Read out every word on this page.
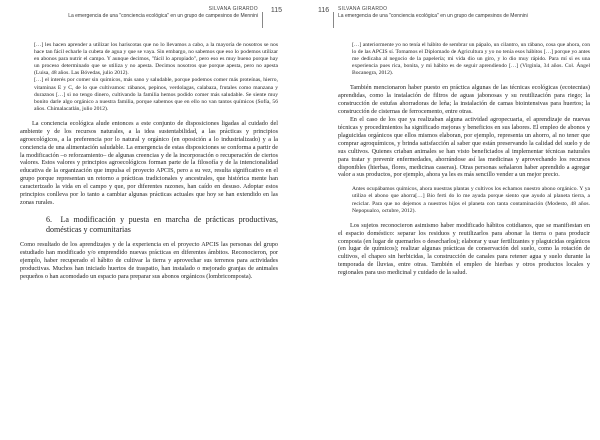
SILVANA GIRARDO
La emergencia de una "conciencia ecológica" en un grupo de campesinos de Mennini
115

[…] les hacen aprender a utilizar los hariscotas que no lo llevamos a cabo, a la mayoría de nosotros se nos hace tan fácil echarle la cubeta de agua y que se vaya. Sin embargo, no sabemos que eso lo podemos utilizar en abonos para nutrir el campo. Y aunque decimos, "fácil lo apropiado", pero eso es muy bueno porque hay un proceso determinado que se utiliza y no apesta. Decimos nosotros que porque apesta, pero no apesta (Luisa, 48 años. Las Bóvedas, julio 2012).

[…] el interés por comer sin químicos, más sano y saludable, porque podemos comer más proteínas, hierro, vitaminas E y C, de lo que cultivamos: rábanos, pepinos, verdolagas, calabaza, frutales como manzana y duraznos […] si no tengo dinero, cultivando la familia hemos podido comer más saludable. Se siente muy bonito darle algo orgánico a nuestra familia, porque sabemos que en ello no van tantos químicos (Sofía, 56 años. Chimalacatlán, julio 2012).

La conciencia ecológica alude entonces a este conjunto de disposiciones ligadas al cuidado del ambiente y de los recursos naturales, a la idea sustentabilidad, a las prácticas y principios agroecológicos, a la preferencia por lo natural y orgánico (en oposición a lo industrializado) y a la conciencia de una alimentación saludable. La emergencia de estas disposiciones se conforma a partir de la modificación –o reforzamiento– de algunas creencias y de la incorporación o recuperación de ciertos valores. Estos valores y principios agroecológicos forman parte de la filosofía y de la intencionalidad educativa de la organización que impulsa el proyecto APCIS, pero a su vez, resulta significativo en el grupo porque representan un retorno a prácticas tradicionales y ancestrales, que histórica mente han caracterizado la vida en el campo y que, por diferentes razones, han caído en desuso. Adoptar estos principios conlleva por lo tanto a cambiar algunas prácticas actuales que hoy se han extendido en las zonas rurales.

6. La modificación y puesta en marcha de prácticas productivas, domésticas y comunitarias

Como resultado de los aprendizajes y de la experiencia en el proyecto APCIS las personas del grupo estudiado han modificado y/o emprendido nuevas prácticas en diferentes ámbitos. Reconocieron, por ejemplo, haber recuperado el hábito de cultivar la tierra y aprovechar sus terrenos para actividades productivas. Muchos han iniciado huertos de traspatio, han instalado o mejorado granjas de animales pequeños o han acomodado un espacio para preparar sus abonos orgánicos (lombricomposta).

116 SILVANA GIRARDO
La emergencia de una "conciencia ecológica" en un grupo de campesinos de Mennini

[…] anteriormente yo no tenía el hábito de sembrar un pápalo, un cilantro, un rábano, cosa que ahora, con lo de las APCIS sí. Tomamos el Diplomado de Agricultura y yo no tenía esos hábitos […] porque yo antes me dedicaba al negocio de la papelería; mi vida dio un giro, y lo dio muy rápido. Para mí si es una experiencia pues rica, bonita, y mi hábito es de seguir aprendiendo […] (Virginia, 34 años. Col. Ángel Bocanegra, 2012).

También mencionaron haber puesto en práctica algunas de las técnicas ecológicas (ecotecnias) aprendidas, como la instalación de filtros de aguas jabonosas y su reutilización para riego; la construcción de estufas ahorradoras de leña; la instalación de camas biointensivas para huertos; la construcción de cisternas de ferrocemento, entre otras.

En el caso de los que ya realizaban alguna actividad agropecuaria, el aprendizaje de nuevas técnicas y procedimientos ha significado mejoras y beneficios en sus labores. El empleo de abonos y plaguicidas orgánicos que ellos mismos elaboran, por ejemplo, representa un ahorro, al no tener que comprar agroquímicos, y brinda satisfacción al saber que están preservando la calidad del suelo y de sus cultivos. Quienes criaban animales se han visto beneficiados al implementar técnicas naturales para tratar y prevenir enfermedades, ahorrándose así las medicinas y aprovechando los recursos disponibles (hierbas, flores, medicinas caseras). Otras personas señalaron haber aprendido a agregar valor a sus productos, por ejemplo, ahora ya les es más sencillo vender a un mejor precio.

Antes ocupábamos químicos, ahora nuestras plantas y cultivos los echamos nuestro abono orgánico. Y ya utilizo el abono que ahorra[…] Bio ferti do lo me ayuda porque siento que ayudo al planeta tierra, a reciclar. Para que no dejemos a nuestros hijos el planeta con tanta contaminación (Modesto, 48 años. Nepopualco, octubre, 2012).

Los sujetos reconocieron asimismo haber modificado hábitos cotidianos, que se manifiestan en el espacio doméstico: separar los residuos y reutilizarlos para abonar la tierra o para producir composta (en lugar de quemarlos o desecharlos); elaborar y usar fertilizantes y plaguicidas orgánicos (en lugar de químicos); realizar algunas prácticas de conservación del suelo, como la rotación de cultivos, el chapeo sin herbicidas, la construcción de canales para retener agua y suelo durante la temporada de lluvias, entre otras. También el empleo de hierbas y otros productos locales y regionales para uso medicinal y cuidado de la salud.
